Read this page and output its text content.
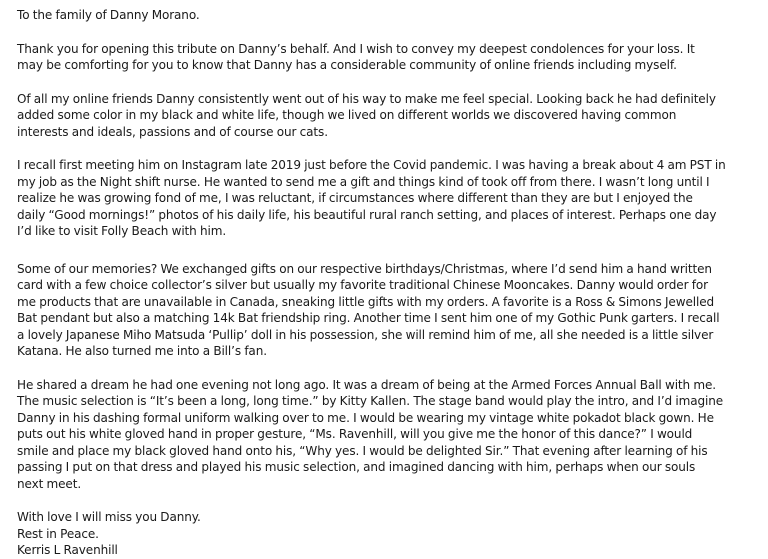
To the family of Danny Morano.
Thank you for opening this tribute on Danny’s behalf. And I wish to convey my deepest condolences for your loss. It
may be comforting for you to know that Danny has a considerable community of online friends including myself.
Of all my online friends Danny consistently went out of his way to make me feel special. Looking back he had definitely
added some color in my black and white life, though we lived on different worlds we discovered having common
interests and ideals, passions and of course our cats.
I recall first meeting him on Instagram late 2019 just before the Covid pandemic. I was having a break about 4 am PST in
my job as the Night shift nurse. He wanted to send me a gift and things kind of took off from there. I wasn’t long until I
realize he was growing fond of me, I was reluctant, if circumstances where different than they are but I enjoyed the
daily “Good mornings!” photos of his daily life, his beautiful rural ranch setting, and places of interest. Perhaps one day
I’d like to visit Folly Beach with him.
Some of our memories? We exchanged gifts on our respective birthdays/Christmas, where I’d send him a hand written
card with a few choice collector’s silver but usually my favorite traditional Chinese Mooncakes. Danny would order for
me products that are unavailable in Canada, sneaking little gifts with my orders. A favorite is a Ross & Simons Jewelled
Bat pendant but also a matching 14k Bat friendship ring. Another time I sent him one of my Gothic Punk garters. I recall
a lovely Japanese Miho Matsuda ‘Pullip’ doll in his possession, she will remind him of me, all she needed is a little silver
Katana. He also turned me into a Bill’s fan.
He shared a dream he had one evening not long ago. It was a dream of being at the Armed Forces Annual Ball with me.
The music selection is “It’s been a long, long time.” by Kitty Kallen. The stage band would play the intro, and I’d imagine
Danny in his dashing formal uniform walking over to me. I would be wearing my vintage white pokadot black gown. He
puts out his white gloved hand in proper gesture, “Ms. Ravenhill, will you give me the honor of this dance?” I would
smile and place my black gloved hand onto his, “Why yes. I would be delighted Sir.” That evening after learning of his
passing I put on that dress and played his music selection, and imagined dancing with him, perhaps when our souls
next meet.
With love I will miss you Danny.
Rest in Peace.
Kerris L Ravenhill
